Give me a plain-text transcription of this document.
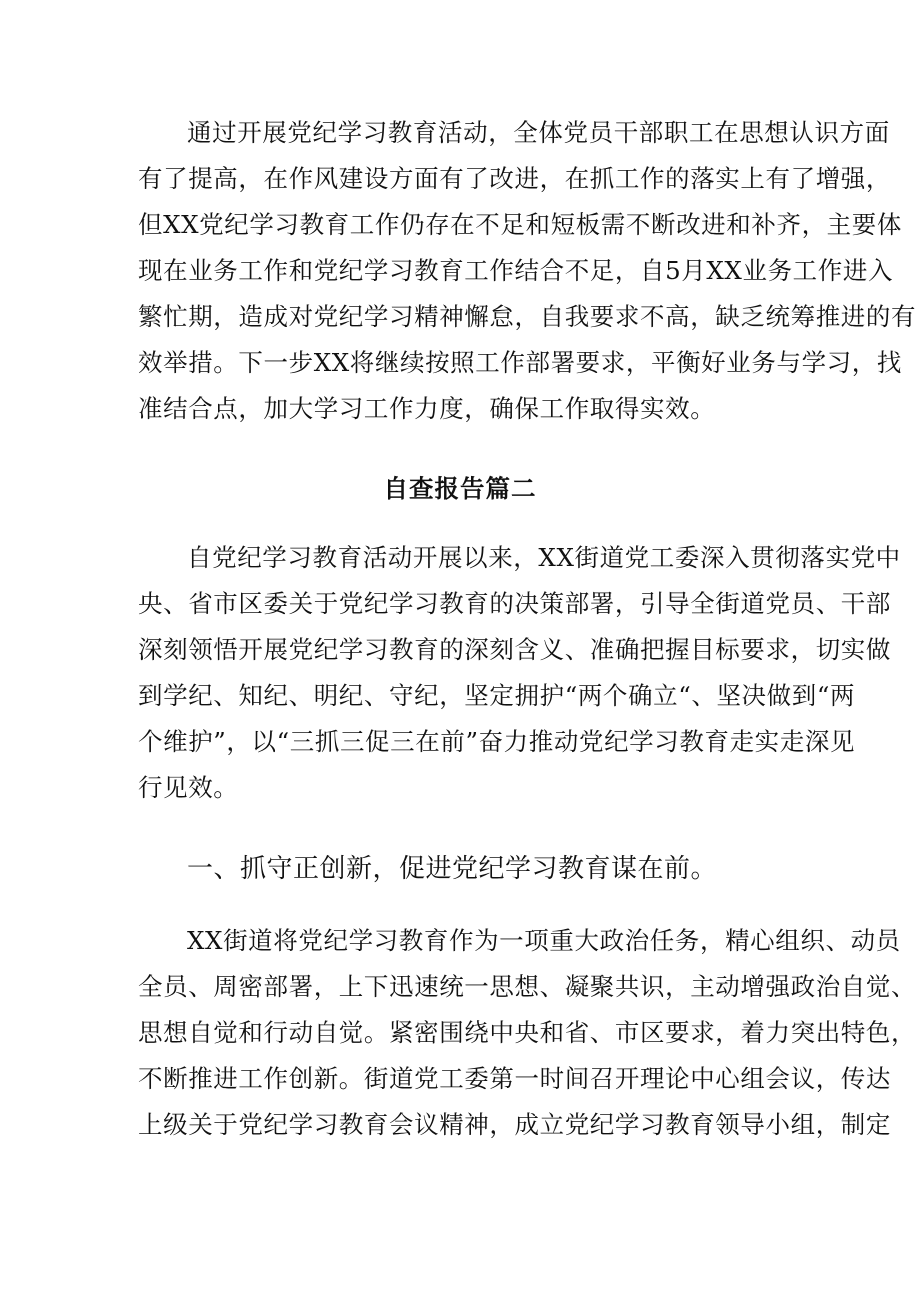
通过开展党纪学习教育活动，全体党员干部职工在思想认识方面
有了提高，在作风建设方面有了改进，在抓工作的落实上有了增强，
但XX党纪学习教育工作仍存在不足和短板需不断改进和补齐，主要体
现在业务工作和党纪学习教育工作结合不足，自5月XX业务工作进入
繁忙期，造成对党纪学习精神懈怠，自我要求不高，缺乏统筹推进的有
效举措。下一步XX将继续按照工作部署要求，平衡好业务与学习，找
准结合点，加大学习工作力度，确保工作取得实效。
自查报告篇二
自党纪学习教育活动开展以来，XX街道党工委深入贯彻落实党中
央、省市区委关于党纪学习教育的决策部署，引导全街道党员、干部
深刻领悟开展党纪学习教育的深刻含义、准确把握目标要求，切实做
到学纪、知纪、明纪、守纪，坚定拥护“两个确立“、坚决做到“两
个维护”，以“三抓三促三在前”奋力推动党纪学习教育走实走深见
行见效。
一、抓守正创新，促进党纪学习教育谋在前。
XX街道将党纪学习教育作为一项重大政治任务，精心组织、动员
全员、周密部署，上下迅速统一思想、凝聚共识，主动增强政治自觉、
思想自觉和行动自觉。紧密围绕中央和省、市区要求，着力突出特色，
不断推进工作创新。街道党工委第一时间召开理论中心组会议，传达
上级关于党纪学习教育会议精神，成立党纪学习教育领导小组，制定
